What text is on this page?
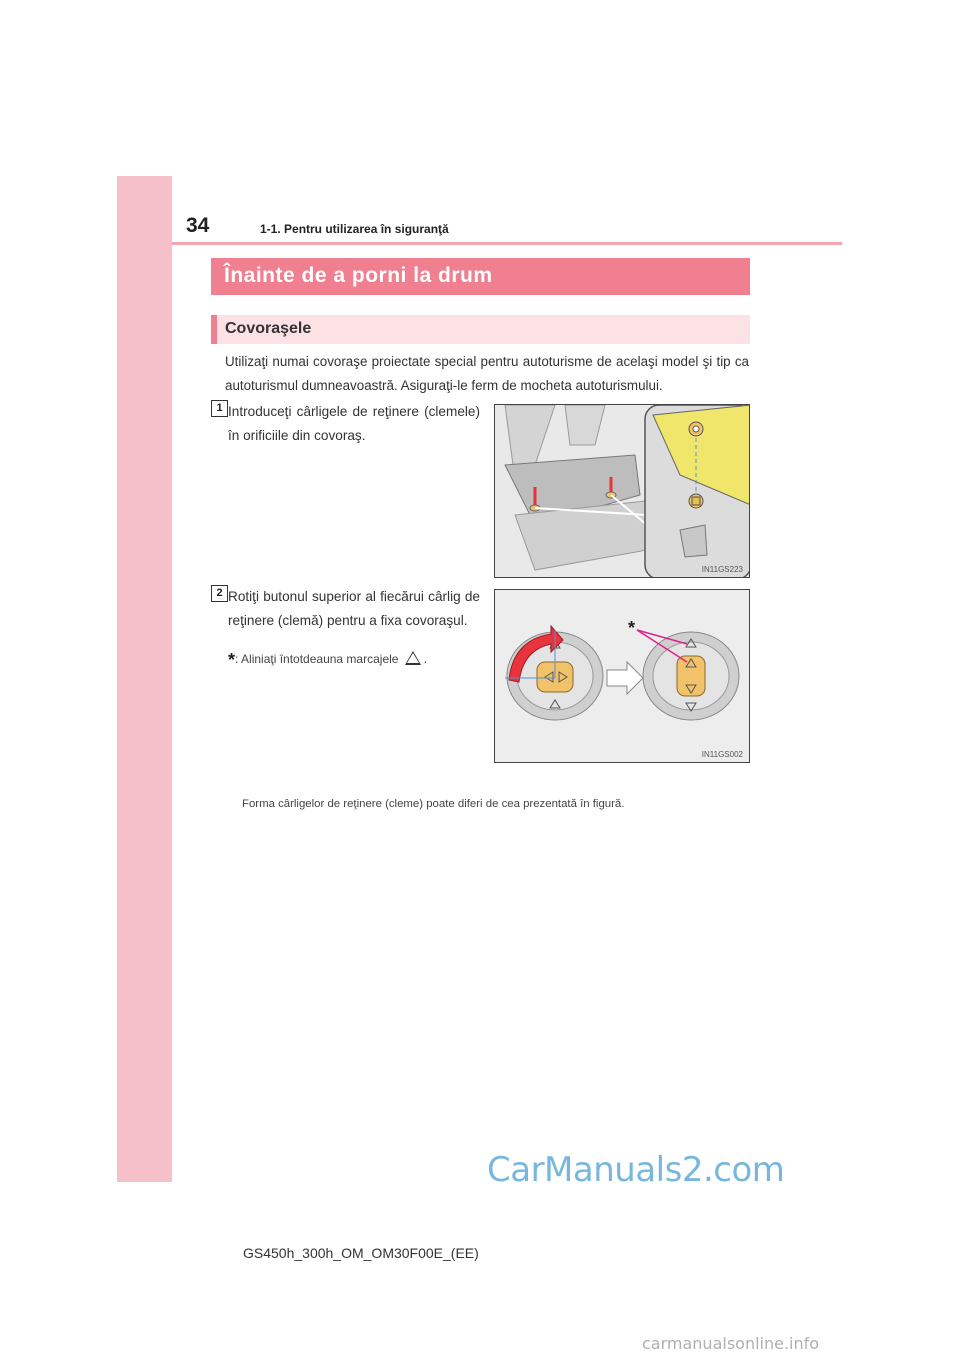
34	1-1. Pentru utilizarea în siguranţă
Înainte de a porni la drum
Covoraşele

Utilizaţi numai covoraşe proiectate special pentru autoturisme de acelaşi model şi tip ca autoturismul dumneavoastră. Asiguraţi-le ferm de mocheta autoturismului.

1 Introduceţi cârligele de reţinere (clemele) în orificiile din covoraş.

IN11GS223
2 Rotiţi butonul superior al fiecărui cârlig de reţinere (clemă) pentru a fixa covoraşul.

*: Aliniaţi întotdeauna marcajele .
*
IN11GS002

Forma cârligelor de reţinere (cleme) poate diferi de cea prezentată în figură.

CarManuals2.com
GS450h_300h_OM_OM30F00E_(EE)
carmanualsonline.info
